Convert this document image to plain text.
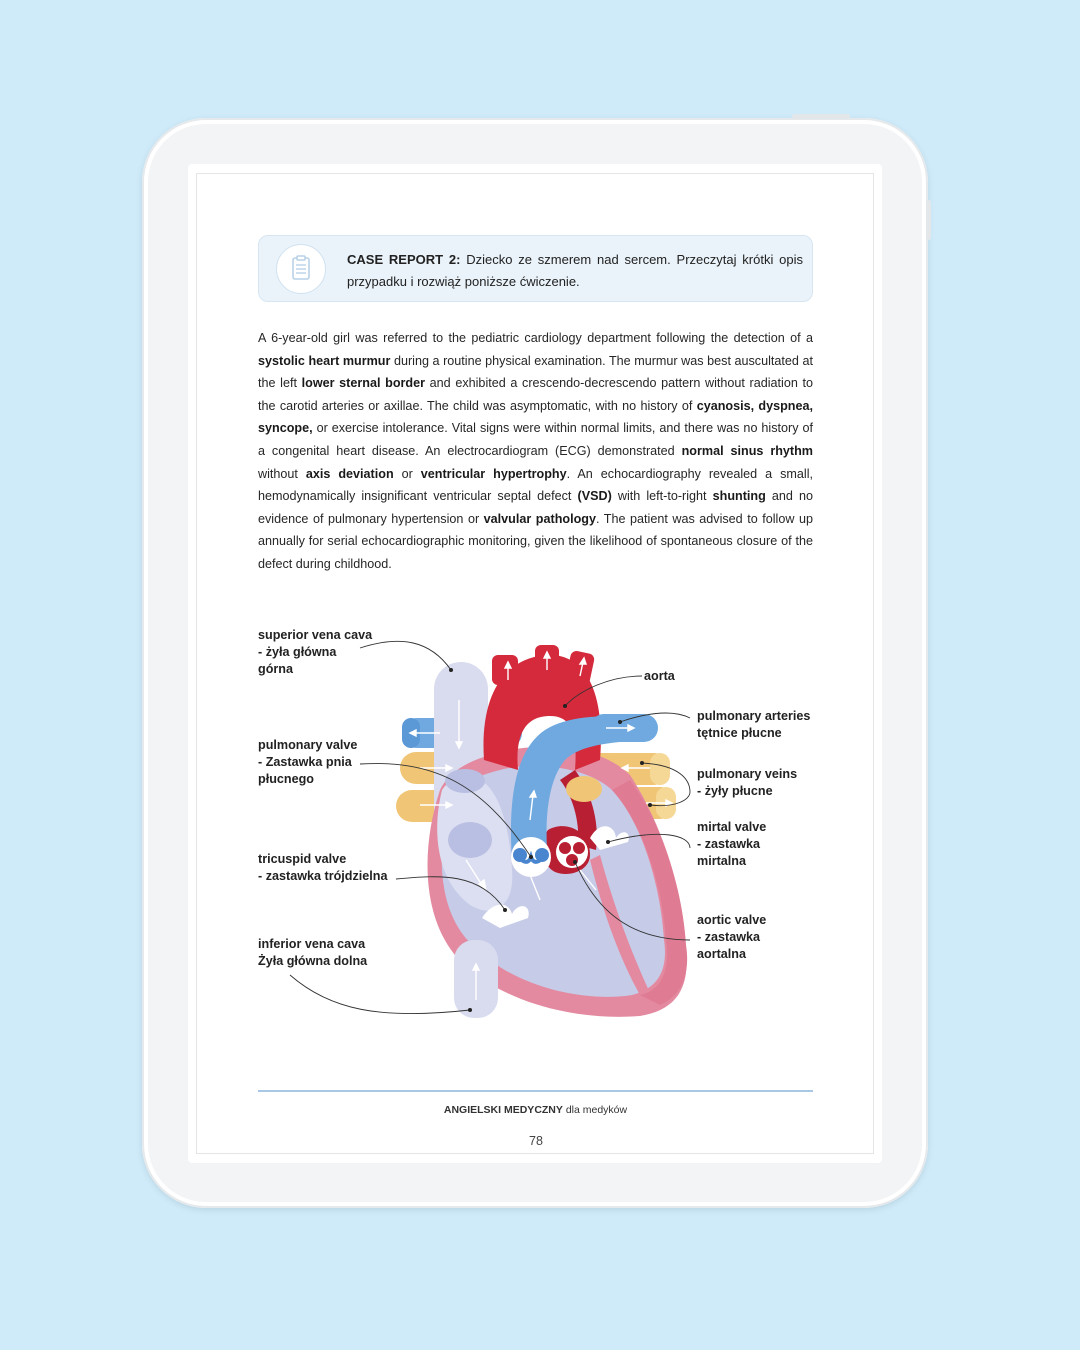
CASE REPORT 2: Dziecko ze szmerem nad sercem. Przeczytaj krótki opis przypadku i rozwiąż poniższe ćwiczenie.
A 6-year-old girl was referred to the pediatric cardiology department following the detection of a systolic heart murmur during a routine physical examination. The murmur was best auscultated at the left lower sternal border and exhibited a crescendo-decrescendo pattern without radiation to the carotid arteries or axillae. The child was asymptomatic, with no history of cyanosis, dyspnea, syncope, or exercise intolerance. Vital signs were within normal limits, and there was no history of a congenital heart disease. An electrocardiogram (ECG) demonstrated normal sinus rhythm without axis deviation or ventricular hypertrophy. An echocardiography revealed a small, hemodynamically insignificant ventricular septal defect (VSD) with left-to-right shunting and no evidence of pulmonary hypertension or valvular pathology. The patient was advised to follow up annually for serial echocardiographic monitoring, given the likelihood of spontaneous closure of the defect during childhood.
superior vena cava
- żyła główna
górna
pulmonary valve
- Zastawka pnia
płucnego
tricuspid valve
- zastawka trójdzielna
inferior vena cava
Żyła główna dolna
aorta
pulmonary arteries
tętnice płucne
pulmonary veins
- żyły płucne
mirtal valve
- zastawka
mirtalna
aortic valve
- zastawka
aortalna
ANGIELSKI MEDYCZNY dla medyków
78
